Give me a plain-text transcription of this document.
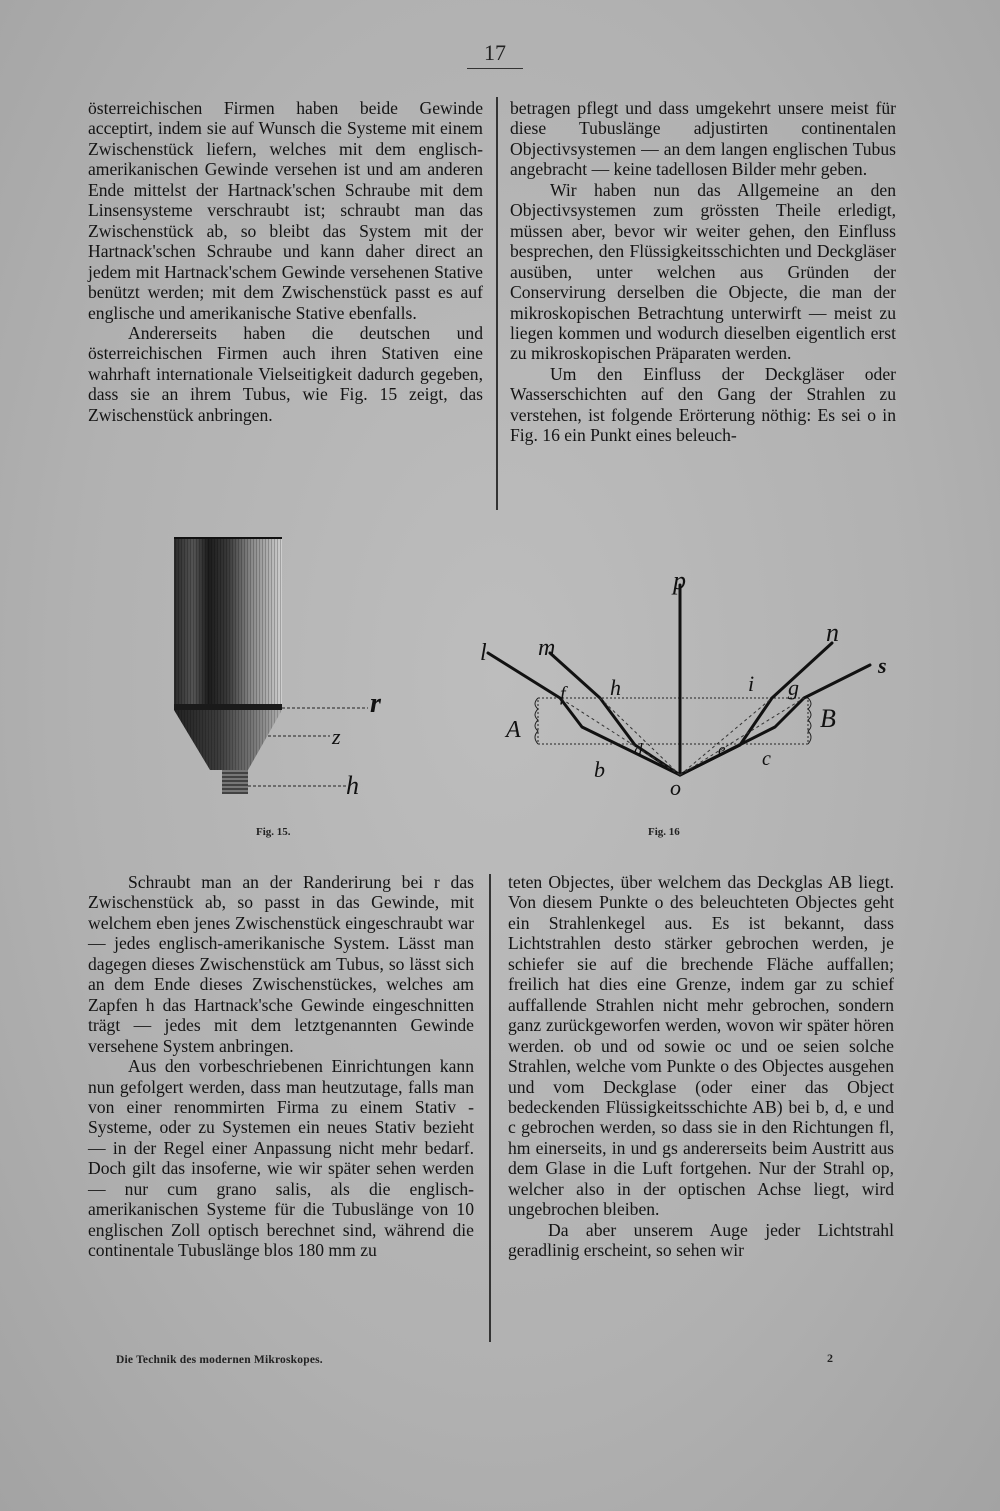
17

österreichischen Firmen haben beide Gewinde acceptirt, indem sie auf Wunsch die Systeme mit einem Zwischenstück liefern, welches mit dem englisch-amerikanischen Gewinde versehen ist und am anderen Ende mittelst der Hartnack'schen Schraube mit dem Linsensysteme verschraubt ist; schraubt man das Zwischenstück ab, so bleibt das System mit der Hartnack'schen Schraube und kann daher direct an jedem mit Hartnack'schem Gewinde versehenen Stative benützt werden; mit dem Zwischenstück passt es auf englische und amerikanische Stative ebenfalls.

Andererseits haben die deutschen und österreichischen Firmen auch ihren Stativen eine wahrhaft internationale Vielseitigkeit dadurch gegeben, dass sie an ihrem Tubus, wie Fig. 15 zeigt, das Zwischenstück anbringen.

betragen pflegt und dass umgekehrt unsere meist für diese Tubuslänge adjustirten continentalen Objectivsystemen — an dem langen englischen Tubus angebracht — keine tadellosen Bilder mehr geben.

Wir haben nun das Allgemeine an den Objectivsystemen zum grössten Theile erledigt, müssen aber, bevor wir weiter gehen, den Einfluss besprechen, den Flüssigkeitsschichten und Deckgläser ausüben, unter welchen aus Gründen der Conservirung derselben die Objecte, die man der mikroskopischen Betrachtung unterwirft — meist zu liegen kommen und wodurch dieselben eigentlich erst zu mikroskopischen Präparaten werden.

Um den Einfluss der Deckgläser oder Wasserschichten auf den Gang der Strahlen zu verstehen, ist folgende Erörterung nöthig: Es sei o in Fig. 16 ein Punkt eines beleuch-

r
z
h
Fig. 15.
p
l m
n
s
f h	i g
A	B
b
d	e c
o
Fig. 16

Schraubt man an der Randerirung bei r das Zwischenstück ab, so passt in das Gewinde, mit welchem eben jenes Zwischenstück eingeschraubt war — jedes englisch-amerikanische System. Lässt man dagegen dieses Zwischenstück am Tubus, so lässt sich an dem Ende dieses Zwischenstückes, welches am Zapfen h das Hartnack'sche Gewinde eingeschnitten trägt — jedes mit dem letztgenannten Gewinde versehene System anbringen.

Aus den vorbeschriebenen Einrichtungen kann nun gefolgert werden, dass man heutzutage, falls man von einer renommirten Firma zu einem Stativ - Systeme, oder zu Systemen ein neues Stativ bezieht — in der Regel einer Anpassung nicht mehr bedarf. Doch gilt das insoferne, wie wir später sehen werden — nur cum grano salis, als die englisch-amerikanischen Systeme für die Tubuslänge von 10 englischen Zoll optisch berechnet sind, während die continentale Tubuslänge blos 180 mm zu

teten Objectes, über welchem das Deckglas AB liegt. Von diesem Punkte o des beleuchteten Objectes geht ein Strahlenkegel aus. Es ist bekannt, dass Lichtstrahlen desto stärker gebrochen werden, je schiefer sie auf die brechende Fläche auffallen; freilich hat dies eine Grenze, indem gar zu schief auffallende Strahlen nicht mehr gebrochen, sondern ganz zurückgeworfen werden, wovon wir später hören werden. ob und od sowie oc und oe seien solche Strahlen, welche vom Punkte o des Objectes ausgehen und vom Deckglase (oder einer das Object bedeckenden Flüssigkeitsschichte AB) bei b, d, e und c gebrochen werden, so dass sie in den Richtungen fl, hm einerseits, in und gs andererseits beim Austritt aus dem Glase in die Luft fortgehen. Nur der Strahl op, welcher also in der optischen Achse liegt, wird ungebrochen bleiben.

Da aber unserem Auge jeder Lichtstrahl geradlinig erscheint, so sehen wir

Die Technik des modernen Mikroskopes.	2
